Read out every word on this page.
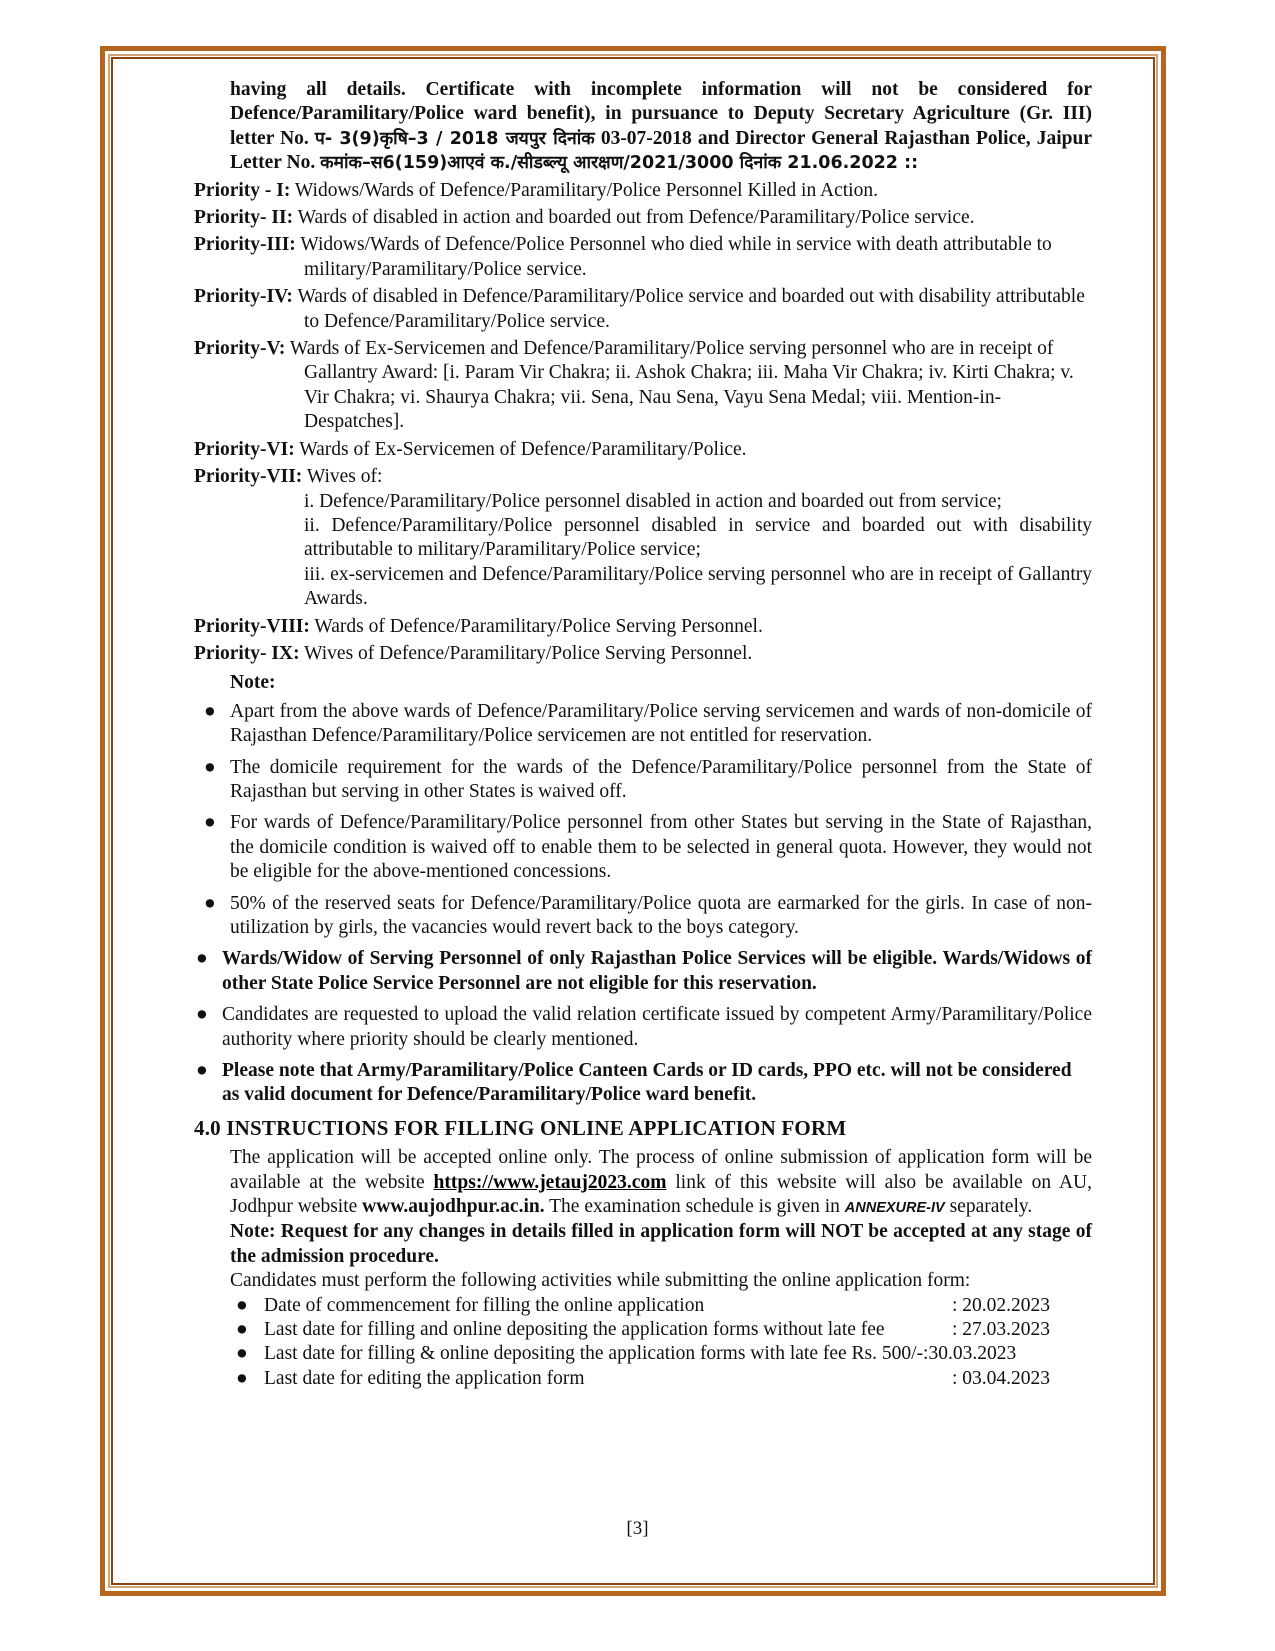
having all details. Certificate with incomplete information will not be considered for Defence/Paramilitary/Police ward benefit), in pursuance to Deputy Secretary Agriculture (Gr. III) letter No. प- 3(9)कृषि–3 / 2018 जयपुर दिनांक 03-07-2018 and Director General Rajasthan Police, Jaipur Letter No. कमांक–स6(159)आएवं क./सीडब्ल्यू आरक्षण/2021/3000 दिनांक 21.06.2022 ::
Priority - I: Widows/Wards of Defence/Paramilitary/Police Personnel Killed in Action.
Priority- II: Wards of disabled in action and boarded out from Defence/Paramilitary/Police service.
Priority-III: Widows/Wards of Defence/Police Personnel who died while in service with death attributable to military/Paramilitary/Police service.
Priority-IV: Wards of disabled in Defence/Paramilitary/Police service and boarded out with disability attributable to Defence/Paramilitary/Police service.
Priority-V: Wards of Ex-Servicemen and Defence/Paramilitary/Police serving personnel who are in receipt of Gallantry Award: [i. Param Vir Chakra; ii. Ashok Chakra; iii. Maha Vir Chakra; iv. Kirti Chakra; v. Vir Chakra; vi. Shaurya Chakra; vii. Sena, Nau Sena, Vayu Sena Medal; viii. Mention-in-Despatches].
Priority-VI: Wards of Ex-Servicemen of Defence/Paramilitary/Police.
Priority-VII: Wives of:
i. Defence/Paramilitary/Police personnel disabled in action and boarded out from service;
ii. Defence/Paramilitary/Police personnel disabled in service and boarded out with disability attributable to military/Paramilitary/Police service;
iii. ex-servicemen and Defence/Paramilitary/Police serving personnel who are in receipt of Gallantry Awards.
Priority-VIII: Wards of Defence/Paramilitary/Police Serving Personnel.
Priority- IX: Wives of Defence/Paramilitary/Police Serving Personnel.
Note:
● Apart from the above wards of Defence/Paramilitary/Police serving servicemen and wards of non-domicile of Rajasthan Defence/Paramilitary/Police servicemen are not entitled for reservation.
● The domicile requirement for the wards of the Defence/Paramilitary/Police personnel from the State of Rajasthan but serving in other States is waived off.
● For wards of Defence/Paramilitary/Police personnel from other States but serving in the State of Rajasthan, the domicile condition is waived off to enable them to be selected in general quota. However, they would not be eligible for the above-mentioned concessions.
● 50% of the reserved seats for Defence/Paramilitary/Police quota are earmarked for the girls. In case of non-utilization by girls, the vacancies would revert back to the boys category.
● Wards/Widow of Serving Personnel of only Rajasthan Police Services will be eligible. Wards/Widows of other State Police Service Personnel are not eligible for this reservation.
● Candidates are requested to upload the valid relation certificate issued by competent Army/Paramilitary/Police authority where priority should be clearly mentioned.
● Please note that Army/Paramilitary/Police Canteen Cards or ID cards, PPO etc. will not be considered as valid document for Defence/Paramilitary/Police ward benefit.
4.0 INSTRUCTIONS FOR FILLING ONLINE APPLICATION FORM
The application will be accepted online only. The process of online submission of application form will be available at the website https://www.jetauj2023.com link of this website will also be available on AU, Jodhpur website www.aujodhpur.ac.in. The examination schedule is given in ANNEXURE-IV separately.
Note: Request for any changes in details filled in application form will NOT be accepted at any stage of the admission procedure.
Candidates must perform the following activities while submitting the online application form:
● Date of commencement for filling the online application	: 20.02.2023
● Last date for filling and online depositing the application forms without late fee	: 27.03.2023
● Last date for filling & online depositing the application forms with late fee Rs. 500/-:30.03.2023
● Last date for editing the application form	: 03.04.2023
[3]
